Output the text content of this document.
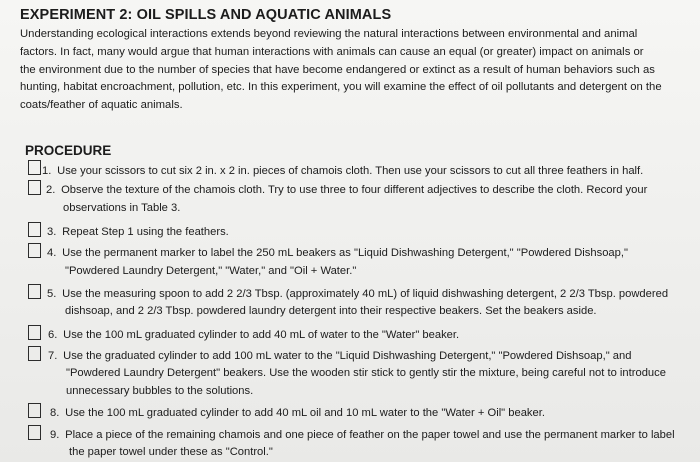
EXPERIMENT 2: OIL SPILLS AND AQUATIC ANIMALS
Understanding ecological interactions extends beyond reviewing the natural interactions between environmental and animal
factors. In fact, many would argue that human interactions with animals can cause an equal (or greater) impact on animals or
the environment due to the number of species that have become endangered or extinct as a result of human behaviors such as
hunting, habitat encroachment, pollution, etc. In this experiment, you will examine the effect of oil pollutants and detergent on the
coats/feather of aquatic animals.
PROCEDURE
1. Use your scissors to cut six 2 in. x 2 in. pieces of chamois cloth. Then use your scissors to cut all three feathers in half.
2. Observe the texture of the chamois cloth. Try to use three to four different adjectives to describe the cloth. Record your
observations in Table 3.
3. Repeat Step 1 using the feathers.
4. Use the permanent marker to label the 250 mL beakers as "Liquid Dishwashing Detergent," "Powdered Dishsoap,"
"Powdered Laundry Detergent," "Water," and "Oil + Water."
5. Use the measuring spoon to add 2 2/3 Tbsp. (approximately 40 mL) of liquid dishwashing detergent, 2 2/3 Tbsp. powdered
dishsoap, and 2 2/3 Tbsp. powdered laundry detergent into their respective beakers. Set the beakers aside.
6. Use the 100 mL graduated cylinder to add 40 mL of water to the "Water" beaker.
7. Use the graduated cylinder to add 100 mL water to the "Liquid Dishwashing Detergent," "Powdered Dishsoap," and
"Powdered Laundry Detergent" beakers. Use the wooden stir stick to gently stir the mixture, being careful not to introduce
unnecessary bubbles to the solutions.
8. Use the 100 mL graduated cylinder to add 40 mL oil and 10 mL water to the "Water + Oil" beaker.
9. Place a piece of the remaining chamois and one piece of feather on the paper towel and use the permanent marker to label
the paper towel under these as "Control."
